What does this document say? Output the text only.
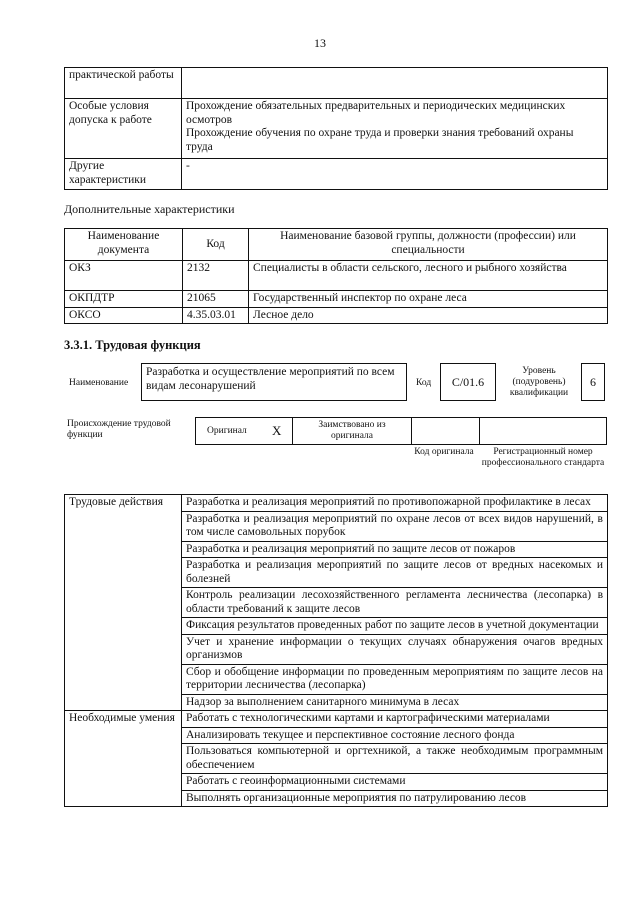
13
практической работы	
Особые условия допуска к работе	Прохождение обязательных предварительных и периодических медицинских осмотров
Прохождение обучения по охране труда и проверки знания требований охраны труда

Другие характеристики	-
Дополнительные характеристики
Наименование документа	Код	Наименование базовой группы, должности (профессии) или специальности
ОКЗ	2132	Специалисты в области сельского, лесного и рыбного хозяйства
ОКПДТР	21065	Государственный инспектор по охране леса
ОКСО	4.35.03.01	Лесное дело
3.3.1. Трудовая функция
Наименование
Разработка и осуществление мероприятий по всем видам лесонарушений	Код С/01.6
Уровень (подуровень) квалификации
6
Происхождение трудовой функции	Оригинал X	Заимствовано из оригинала
Код оригинала	Регистрационный номер профессионального стандарта
Трудовые действия	Разработка и реализация мероприятий по противопожарной профилактике в лесах
	Разработка и реализация мероприятий по охране лесов от всех видов нарушений, в том числе самовольных порубок
	Разработка и реализация мероприятий по защите лесов от пожаров
	Разработка и реализация мероприятий по защите лесов от вредных насекомых и болезней
	Контроль реализации лесохозяйственного регламента лесничества (лесопарка) в области требований к защите лесов
	Фиксация результатов проведенных работ по защите лесов в учетной документации
	Учет и хранение информации о текущих случаях обнаружения очагов вредных организмов
	Сбор и обобщение информации по проведенным мероприятиям по защите лесов на территории лесничества (лесопарка)
	Надзор за выполнением санитарного минимума в лесах
Необходимые умения	Работать с технологическими картами и картографическими материалами
	Анализировать текущее и перспективное состояние лесного фонда
	Пользоваться компьютерной и оргтехникой, а также необходимым программным обеспечением
	Работать с геоинформационными системами
	Выполнять организационные мероприятия по патрулированию лесов
